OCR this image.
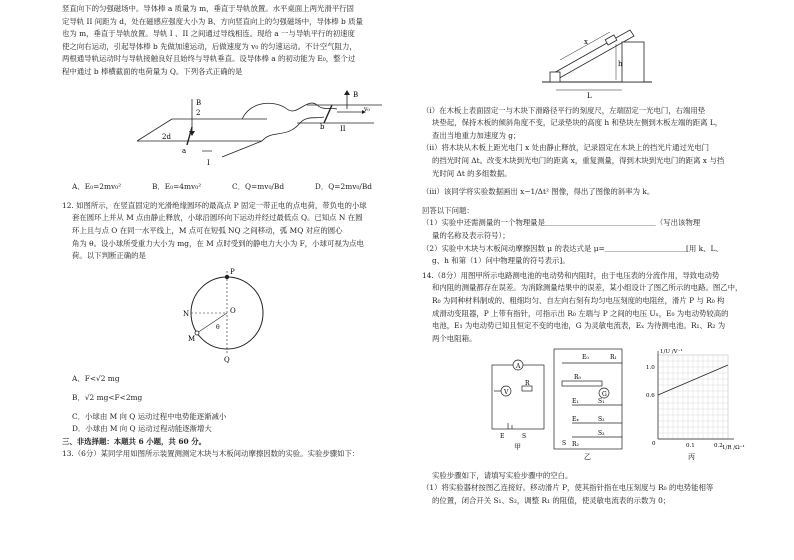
竖直向下的匀强磁场中。导体棒 a 质量为 m，垂直于导轨放置。水平桌面上两光滑平行固

定导轨 II 间距为 d，处在磁感应强度大小为 B、方向竖直向上的匀强磁场中，导体棒 b 质量

也为 m，垂直于导轨放置。导轨 I 、II 之间通过导线相连。现给 a 一与导轨平行的初速度

使之向右运动，引起导体棒 b 先做加速运动，后做速度为 v₀ 的匀速运动。不计空气阻力，

两根通导轨运动时与导轨接触良好且始终与导轨垂直。设导体棒 a 的初动能为 E₀，整个过

程中通过 b 棒横截面的电荷量为 Q。下列各式正确的是

B
2
2d
B
v₀
I
II
a
b
A．E₀=2mv₀²	B．E₀=4mv₀²	C．Q=mv₀/Bd	D．Q=2mv₀/Bd

12. 如图所示，在竖直固定的光滑绝缘圆环的最高点 P 固定一带正电的点电荷，带负电的小球

套在圆环上并从 M 点由静止释放，小球沿圆环向下运动并经过最低点 Q。已知点 N 在圆

环上且与点 O 在同一水平线上，M 点可在短弧 NQ 之间移动，弧 MQ 对应的圆心

角为 θ。设小球所受重力大小为 mg，在 M 点时受到的静电力大小为 F，小球可视为点电

荷。以下判断正确的是

P
O
N
M
Q
θ

A．F<√2 mg

B．√2 mg<F<2mg

C．小球由 M 向 Q 运动过程中电势能逐渐减小

D．小球由 M 向 Q 运动过程动能逐渐增大

三、非选择题：本题共 6 小题，共 60 分。

13.（6分）某同学用如图所示装置测测定木块与木板间动摩擦因数的实验。实验步骤如下：

x
h
L

（i）在木板上表面固定一与木块下滑路径平行的刻度尺，左端固定一光电门，右端用垫

块垫起，保持木板的倾斜角度不变，记录垫块的高度 h 和垫块左侧到木板左端的距离 L，

查出当地重力加速度为 g；

（ii）将木块从木板上距光电门 x 处由静止释放，记录固定在木块上的挡光片通过光电门

的挡光时间 Δt。改变木块到光电门的距离 x，重复测量，得到木块到光电门的距离 x 与挡

光时间 Δt 的多组数据。

（iii）该同学将实验数据画出 x−1/Δt² 图像，得出了图像的斜率为 k。

回答以下问题：

（1）实验中还需测量的一个物理量是＿＿＿＿＿＿＿＿＿＿＿＿＿＿＿（写出该物理

量的名称及表示符号）；

（2）实验中木块与木板间动摩擦因数 μ 的表达式是 μ=＿＿＿＿＿＿＿＿＿＿＿[用 k、L、

g、h 和第（1）问中物理量的符号表示]。

14.（8分）用图甲所示电路测电池的电动势和内阻时，由于电压表的分流作用，导致电动势

和内阻的测量都存在误差。为消除测量结果中的误差，某小组设计了图乙所示的电路。图乙中，

R₀ 为同种材料制成的、粗细均匀、自左向右刻有均匀电压刻度的电阻丝，滑片 P 与 R₀ 构

成滑动变阻器，P 上带有指针，可指示出 R₀ 左端与 P 之间的电压 Uₓ，E₀ 为电动势较高的

电池，E₁ 为电动势已知且恒定不变的电池，G 为灵敏电流表，Eₓ 为待测电池。R₁、R₂ 为

两个电阻箱。

A
V
R
E	S
甲
E₀	R₁
R₀
G
E₁	S₁
S₂
Eₓ
S₃
R₂
S
乙
1/U /V⁻¹
1/R /Ω⁻¹
1.0
0.6
0	0.1	0.2
丙

实验步骤如下，请填写实验步骤中的空白。

（1）将实验器材按图乙连接好。移动滑片 P，使其指针指在电压刻度与 R₀ 的电势能相等

的位置，闭合开关 S₁、S₂，调整 R₁ 的阻值，使灵敏电流表的示数为 0；
